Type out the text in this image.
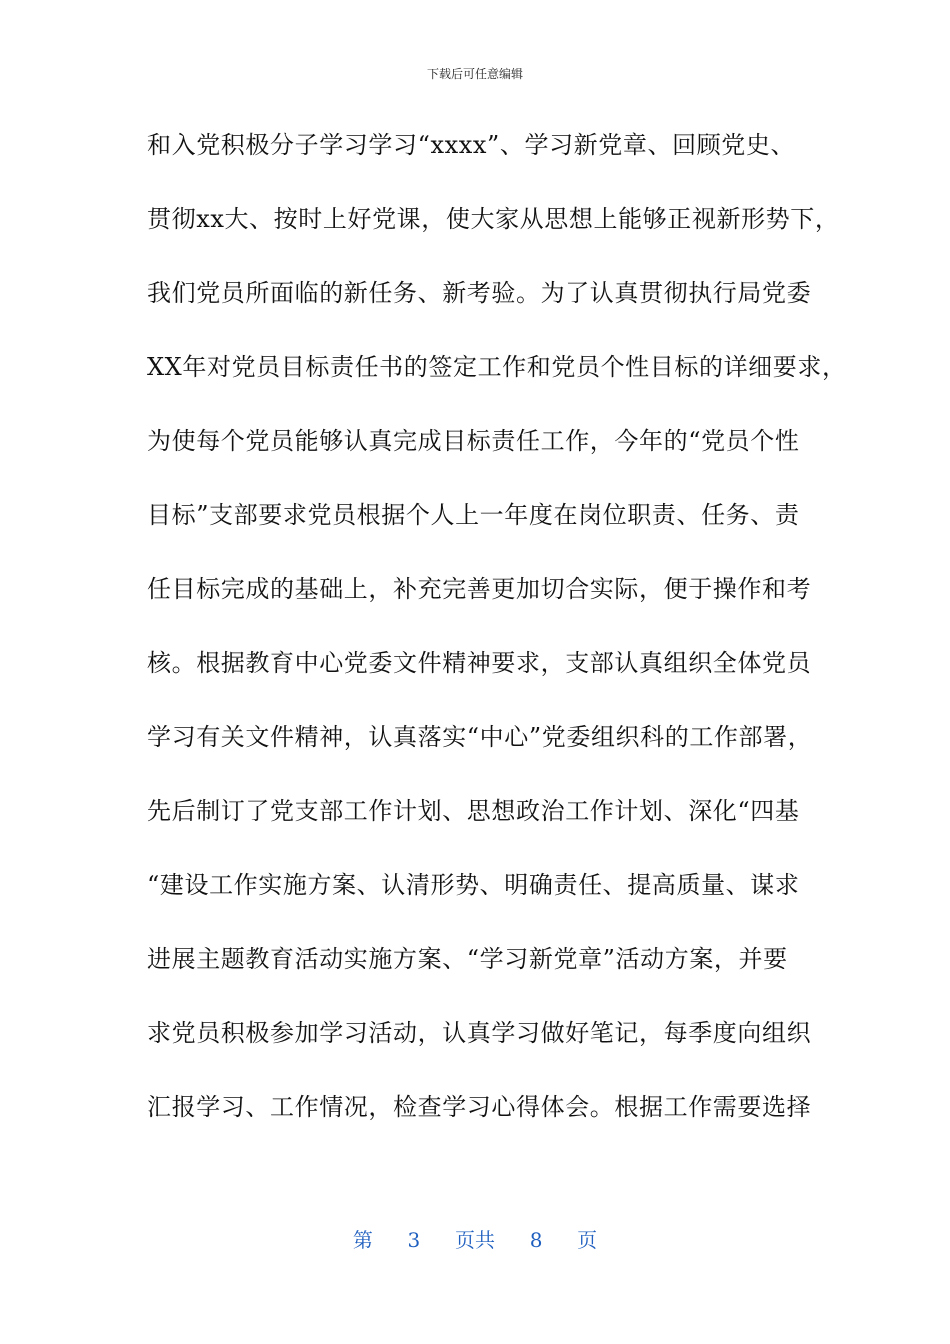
下载后可任意编辑
和入党积极分子学习学习“xxxx”、学习新党章、回顾党史、
贯彻xx大、按时上好党课，使大家从思想上能够正视新形势下，
我们党员所面临的新任务、新考验。为了认真贯彻执行局党委
XX年对党员目标责任书的签定工作和党员个性目标的详细要求，
为使每个党员能够认真完成目标责任工作，今年的“党员个性
目标”支部要求党员根据个人上一年度在岗位职责、任务、责
任目标完成的基础上，补充完善更加切合实际，便于操作和考
核。根据教育中心党委文件精神要求，支部认真组织全体党员
学习有关文件精神，认真落实“中心”党委组织科的工作部署，
先后制订了党支部工作计划、思想政治工作计划、深化“四基
“建设工作实施方案、认清形势、明确责任、提高质量、谋求
进展主题教育活动实施方案、“学习新党章”活动方案，并要
求党员积极参加学习活动，认真学习做好笔记，每季度向组织
汇报学习、工作情况，检查学习心得体会。根据工作需要选择
第 3 页共 8 页
